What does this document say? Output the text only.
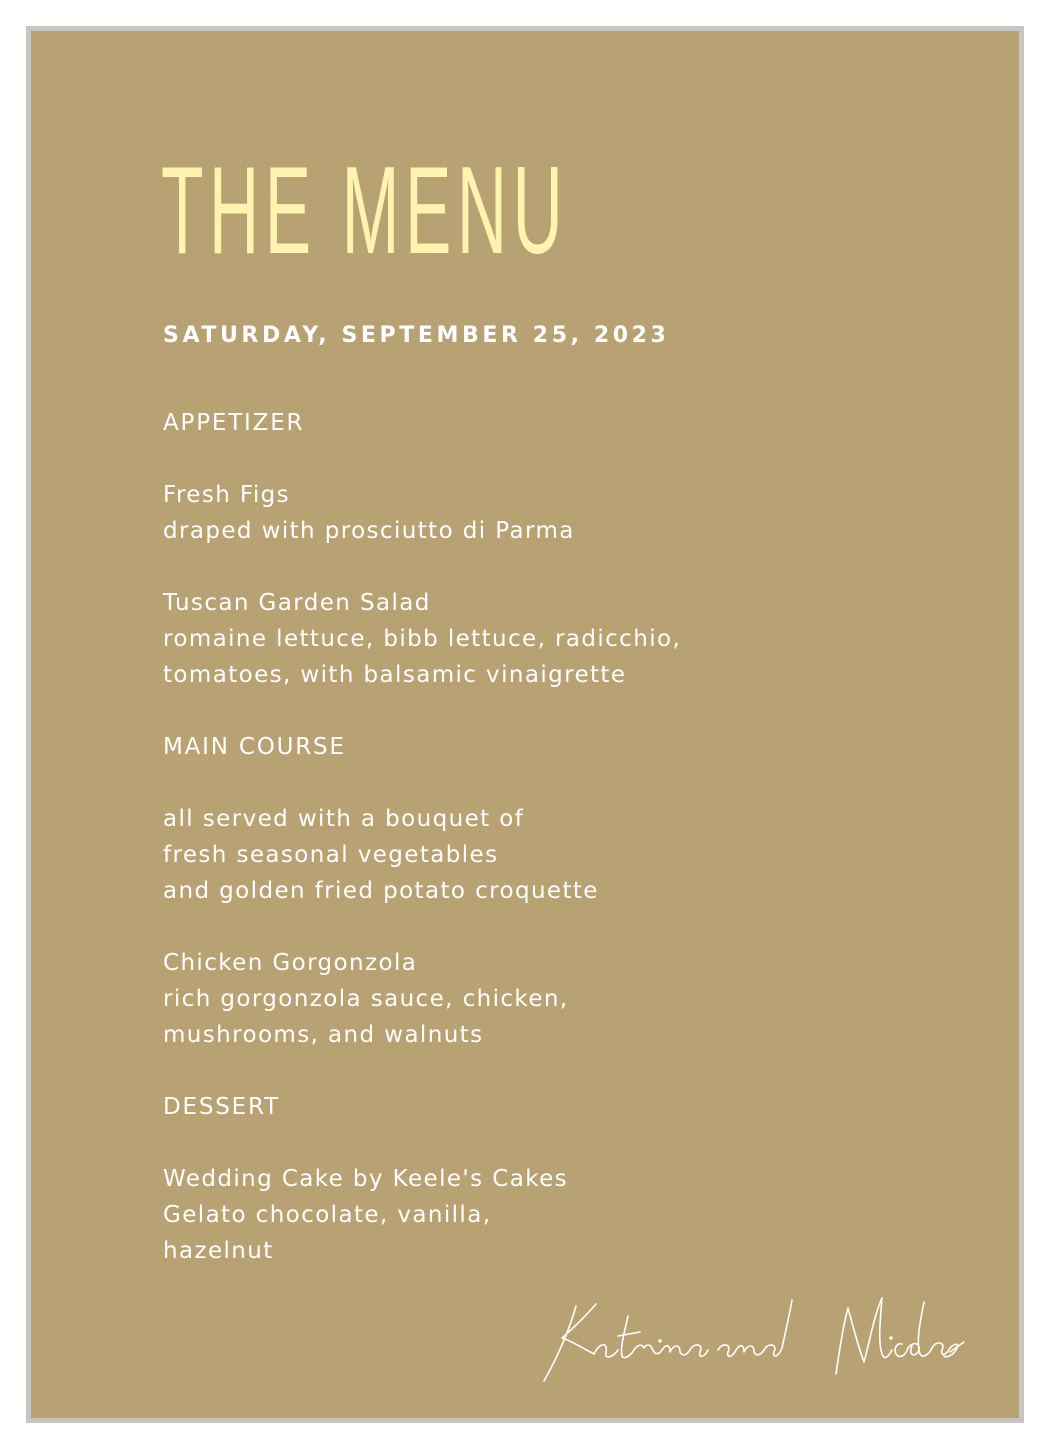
THE MENU
SATURDAY, SEPTEMBER 25, 2023
APPETIZER
Fresh Figs
draped with prosciutto di Parma
Tuscan Garden Salad
romaine lettuce, bibb lettuce, radicchio,
tomatoes, with balsamic vinaigrette
MAIN COURSE
all served with a bouquet of
fresh seasonal vegetables
and golden fried potato croquette
Chicken Gorgonzola
rich gorgonzola sauce, chicken,
mushrooms, and walnuts
DESSERT
Wedding Cake by Keele's Cakes
Gelato chocolate, vanilla,
hazelnut
